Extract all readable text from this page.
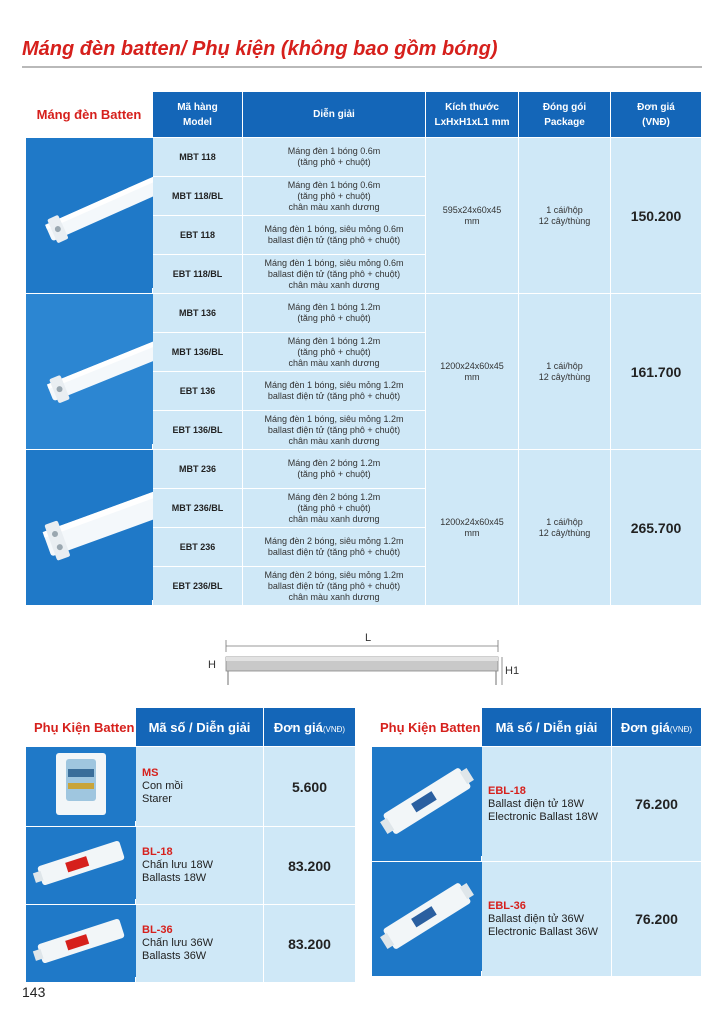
Máng đèn batten/ Phụ kiện (không bao gồm bóng)
Máng đèn Batten	Mã hàng
Model	Diễn giải	Kích thước
LxHxH1xL1 mm	Đóng gói
Package	Đơn giá
(VNĐ)
	MBT 118	Máng đèn 1 bóng 0.6m
(tăng phô + chuột)	595x24x60x45
mm	1 cái/hộp
12 cây/thùng	150.200
	MBT 118/BL	Máng đèn 1 bóng 0.6m
(tăng phô + chuột)
chân màu xanh dương			
	EBT 118	Máng đèn 1 bóng, siêu mỏng 0.6m
ballast điện tử (tăng phô + chuột)			
	EBT 118/BL	Máng đèn 1 bóng, siêu mỏng 0.6m
ballast điện tử (tăng phô + chuột)
chân màu xanh dương			
	MBT 136	Máng đèn 1 bóng 1.2m
(tăng phô + chuột)	1200x24x60x45
mm	1 cái/hộp
12 cây/thùng	161.700
	MBT 136/BL	Máng đèn 1 bóng 1.2m
(tăng phô + chuột)
chân màu xanh dương			
	EBT 136	Máng đèn 1 bóng, siêu mỏng 1.2m
ballast điện tử (tăng phô + chuột)			
	EBT 136/BL	Máng đèn 1 bóng, siêu mỏng 1.2m
ballast điện tử (tăng phô + chuột)
chân màu xanh dương			
	MBT 236	Máng đèn 2 bóng 1.2m
(tăng phô + chuột)	1200x24x60x45
mm	1 cái/hộp
12 cây/thùng	265.700
	MBT 236/BL	Máng đèn 2 bóng 1.2m
(tăng phô + chuột)
chân màu xanh dương			
	EBT 236	Máng đèn 2 bóng, siêu mỏng 1.2m
ballast điện tử (tăng phô + chuột)			
	EBT 236/BL	Máng đèn 2 bóng, siêu mỏng 1.2m
ballast điện tử (tăng phô + chuột)
chân màu xanh dương			
L
H	H1
Phụ Kiện Batten	Mã số / Diễn giải	Đơn giá(VNĐ)

MS
Con mồi
Starer	5.600

BL-18
Chấn lưu 18W
Ballasts 18W	83.200

BL-36
Chấn lưu 36W
Ballasts 36W	83.200
Phụ Kiện Batten	Mã số / Diễn giải	Đơn giá(VNĐ)

EBL-18
Ballast điện tử 18W
Electronic Ballast 18W	76.200

EBL-36
Ballast điện tử 36W
Electronic Ballast 36W	76.200
143
